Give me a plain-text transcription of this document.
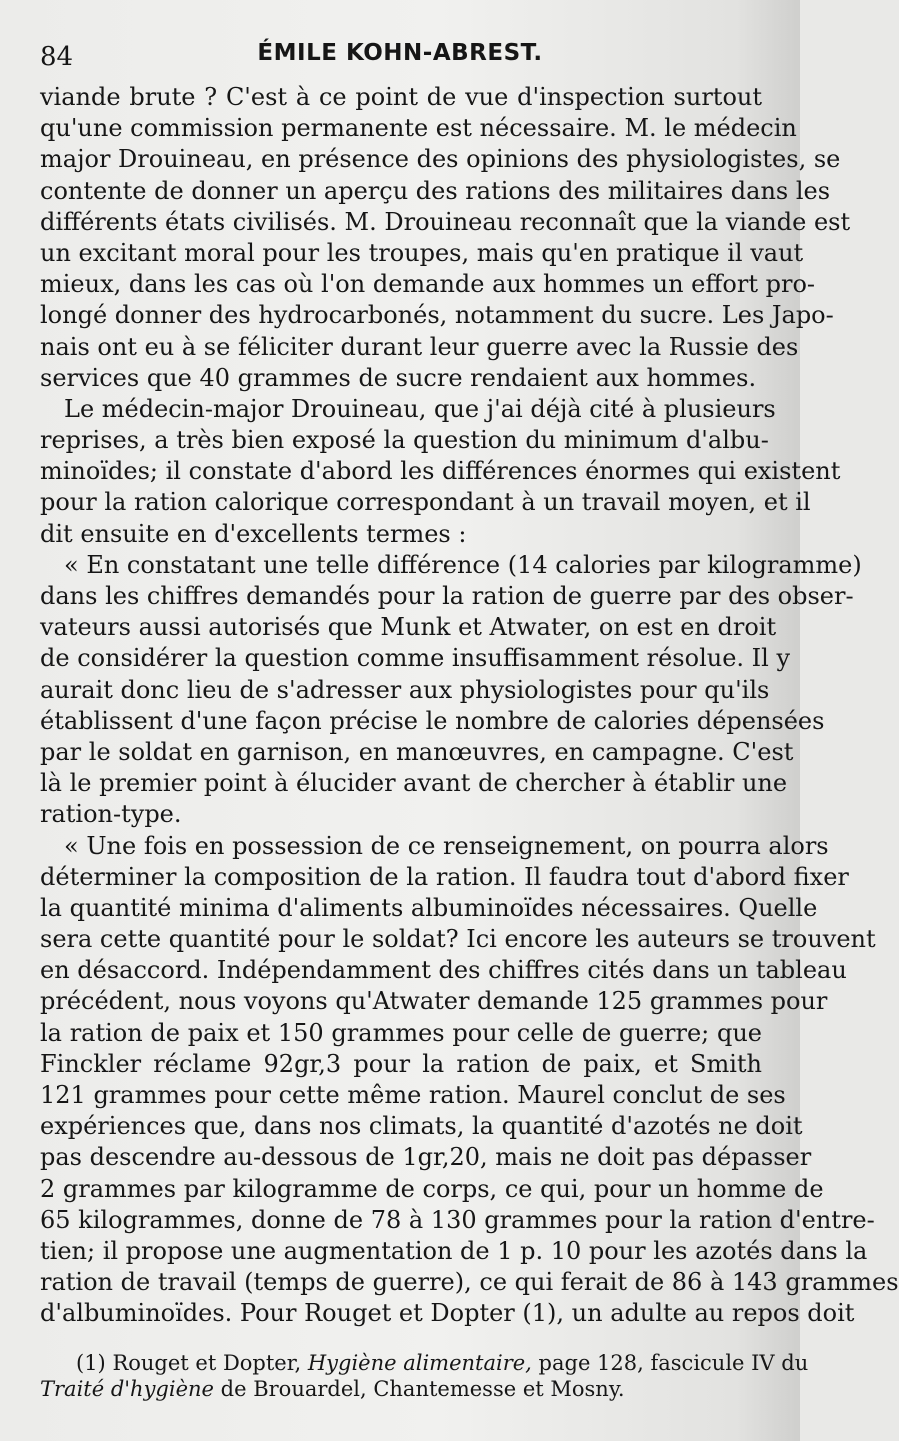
84	ÉMILE KOHN-ABREST.
viande brute ? C'est à ce point de vue d'inspection surtout
qu'une commission permanente est nécessaire. M. le médecin
major Drouineau, en présence des opinions des physiologistes, se
contente de donner un aperçu des rations des militaires dans les
différents états civilisés. M. Drouineau reconnaît que la viande est
un excitant moral pour les troupes, mais qu'en pratique il vaut
mieux, dans les cas où l'on demande aux hommes un effort pro-
longé donner des hydrocarbonés, notamment du sucre. Les Japo-
nais ont eu à se féliciter durant leur guerre avec la Russie des
services que 40 grammes de sucre rendaient aux hommes.
Le médecin-major Drouineau, que j'ai déjà cité à plusieurs
reprises, a très bien exposé la question du minimum d'albu-
minoïdes; il constate d'abord les différences énormes qui existent
pour la ration calorique correspondant à un travail moyen, et il
dit ensuite en d'excellents termes :
« En constatant une telle différence (14 calories par kilogramme)
dans les chiffres demandés pour la ration de guerre par des obser-
vateurs aussi autorisés que Munk et Atwater, on est en droit
de considérer la question comme insuffisamment résolue. Il y
aurait donc lieu de s'adresser aux physiologistes pour qu'ils
établissent d'une façon précise le nombre de calories dépensées
par le soldat en garnison, en manœuvres, en campagne. C'est
là le premier point à élucider avant de chercher à établir une
ration-type.
« Une fois en possession de ce renseignement, on pourra alors
déterminer la composition de la ration. Il faudra tout d'abord fixer
la quantité minima d'aliments albuminoïdes nécessaires. Quelle
sera cette quantité pour le soldat? Ici encore les auteurs se trouvent
en désaccord. Indépendamment des chiffres cités dans un tableau
précédent, nous voyons qu'Atwater demande 125 grammes pour
la ration de paix et 150 grammes pour celle de guerre; que
Finckler réclame 92gr,3 pour la ration de paix, et Smith
121 grammes pour cette même ration. Maurel conclut de ses
expériences que, dans nos climats, la quantité d'azotés ne doit
pas descendre au-dessous de 1gr,20, mais ne doit pas dépasser
2 grammes par kilogramme de corps, ce qui, pour un homme de
65 kilogrammes, donne de 78 à 130 grammes pour la ration d'entre-
tien; il propose une augmentation de 1 p. 10 pour les azotés dans la
ration de travail (temps de guerre), ce qui ferait de 86 à 143 grammes
d'albuminoïdes. Pour Rouget et Dopter (1), un adulte au repos doit
(1) Rouget et Dopter, Hygiène alimentaire, page 128, fascicule IV du
Traité d'hygiène de Brouardel, Chantemesse et Mosny.
